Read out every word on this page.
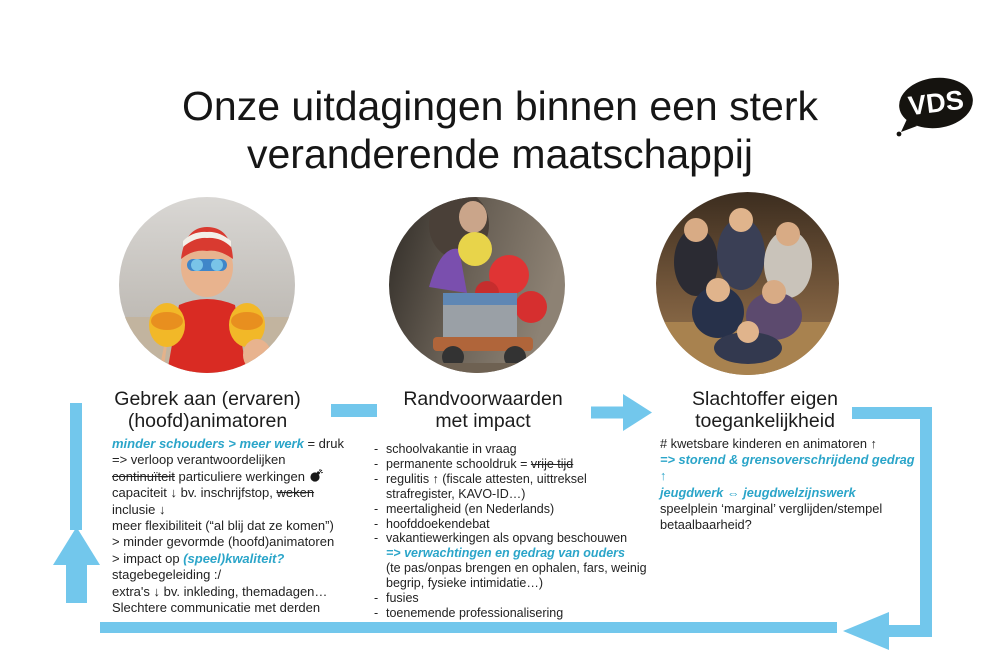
Onze uitdagingen binnen een sterk
veranderende maatschappij
VDS
Gebrek aan (ervaren)
(hoofd)animatoren
Randvoorwaarden
met impact
Slachtoffer eigen
toegankelijkheid
minder schouders > meer werk = druk
=> verloop verantwoordelijken
continuïteit particuliere werkingen
capaciteit ↓ bv. inschrijfstop, weken
inclusie ↓
meer flexibiliteit (“al blij dat ze komen”)
> minder gevormde (hoofd)animatoren
> impact op (speel)kwaliteit?
stagebegeleiding :/
extra's ↓ bv. inkleding, themadagen…
Slechtere communicatie met derden
- schoolvakantie in vraag
- permanente schooldruk = vrije tijd
- regulitis ↑ (fiscale attesten, uittreksel strafregister, KAVO-ID…)
- meertaligheid (en Nederlands)
- hoofddoekendebat
- vakantiewerkingen als opvang beschouwen
=> verwachtingen en gedrag van ouders
(te pas/onpas brengen en ophalen, fars, weinig begrip, fysieke intimidatie…)
- fusies
- toenemende professionalisering
# kwetsbare kinderen en animatoren ↑
=> storend & grensoverschrijdend gedrag ↑
jeugdwerk ⇔ jeugdwelzijnswerk
speelplein ‘marginal’ verglijden/stempel
betaalbaarheid?
